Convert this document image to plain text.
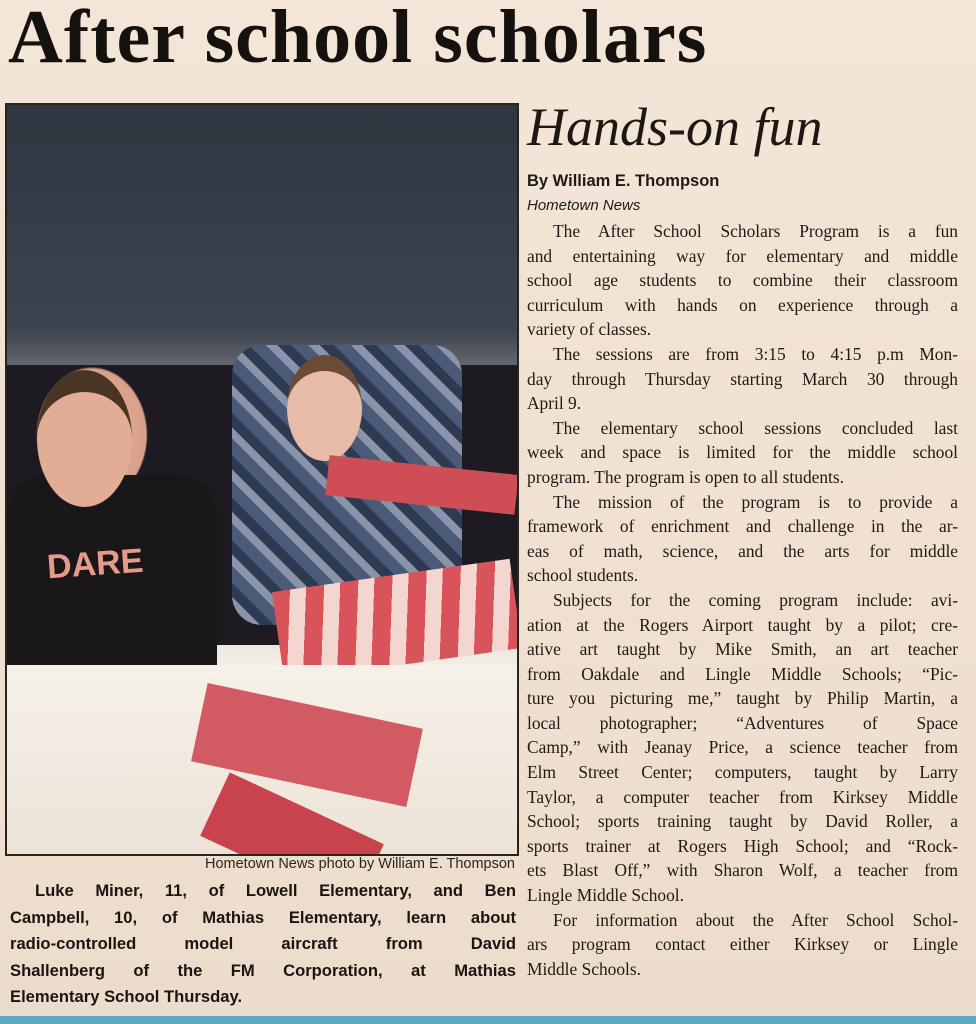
After school scholars
DARE
Hometown News photo by William E. Thompson
Luke Miner, 11, of Lowell Elementary, and Ben
Campbell, 10, of Mathias Elementary, learn about
radio-controlled model aircraft from David
Shallenberg of the FM Corporation, at Mathias
Elementary School Thursday.
Hands-on fun
By William E. Thompson
Hometown News
The After School Scholars Program is a fun
and entertaining way for elementary and middle
school age students to combine their classroom
curriculum with hands on experience through a
variety of classes.
The sessions are from 3:15 to 4:15 p.m Mon-
day through Thursday starting March 30 through
April 9.
The elementary school sessions concluded last
week and space is limited for the middle school
program. The program is open to all students.
The mission of the program is to provide a
framework of enrichment and challenge in the ar-
eas of math, science, and the arts for middle
school students.
Subjects for the coming program include: avi-
ation at the Rogers Airport taught by a pilot; cre-
ative art taught by Mike Smith, an art teacher
from Oakdale and Lingle Middle Schools; “Pic-
ture you picturing me,” taught by Philip Martin, a
local photographer; “Adventures of Space
Camp,” with Jeanay Price, a science teacher from
Elm Street Center; computers, taught by Larry
Taylor, a computer teacher from Kirksey Middle
School; sports training taught by David Roller, a
sports trainer at Rogers High School; and “Rock-
ets Blast Off,” with Sharon Wolf, a teacher from
Lingle Middle School.
For information about the After School Schol-
ars program contact either Kirksey or Lingle
Middle Schools.
